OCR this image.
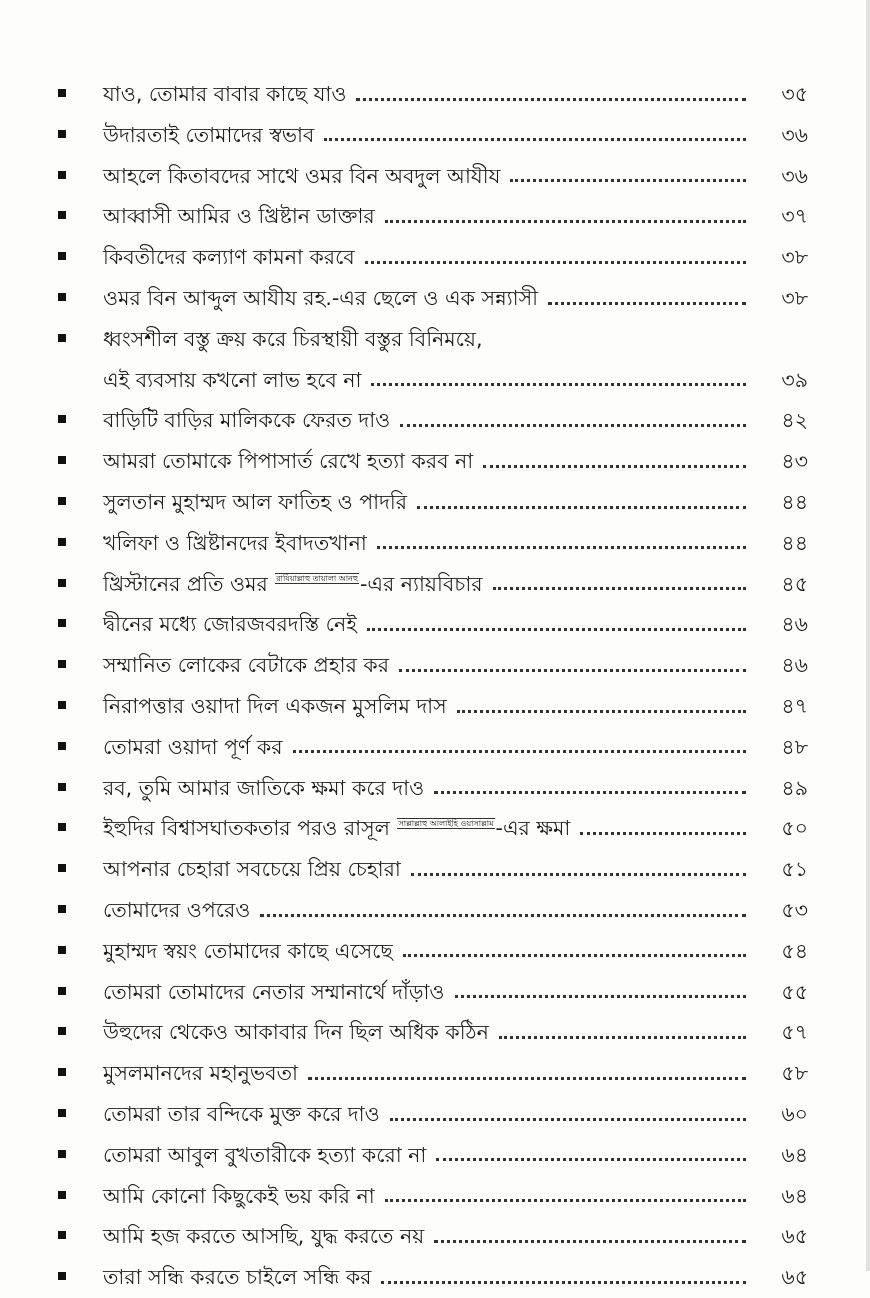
যাও, তোমার বাবার কাছে যাও	৩৫
উদারতাই তোমাদের স্বভাব	৩৬
আহলে কিতাবদের সাথে ওমর বিন অবদুল আযীয	৩৬
আব্বাসী আমির ও খ্রিষ্টান ডাক্তার	৩৭
কিবতীদের কল্যাণ কামনা করবে	৩৮
ওমর বিন আব্দুল আযীয রহ.-এর ছেলে ও এক সন্ন্যাসী	৩৮
ধ্বংসশীল বস্তু ক্রয় করে চিরস্থায়ী বস্তুর বিনিময়ে,
এই ব্যবসায় কখনো লাভ হবে না	৩৯
বাড়িটি বাড়ির মালিককে ফেরত দাও	৪২
আমরা তোমাকে পিপাসার্ত রেখে হত্যা করব না	৪৩
সুলতান মুহাম্মদ আল ফাতিহ ও পাদরি	৪৪
খলিফা ও খ্রিষ্টানদের ইবাদতখানা	৪৪
খ্রিস্টানের প্রতি ওমর রাযিয়াল্লাহু তায়ালা আনহু-এর ন্যায়বিচার	৪৫
দ্বীনের মধ্যে জোরজবরদস্তি নেই	৪৬
সম্মানিত লোকের বেটাকে প্রহার কর	৪৬
নিরাপত্তার ওয়াদা দিল একজন মুসলিম দাস	৪৭
তোমরা ওয়াদা পূর্ণ কর	৪৮
রব, তুমি আমার জাতিকে ক্ষমা করে দাও	৪৯
ইহুদির বিশ্বাসঘাতকতার পরও রাসূল সাল্লাল্লাহু আলাইহি ওয়াসাল্লাম-এর ক্ষমা	৫০
আপনার চেহারা সবচেয়ে প্রিয় চেহারা	৫১
তোমাদের ওপরেও	৫৩
মুহাম্মদ স্বয়ং তোমাদের কাছে এসেছে	৫৪
তোমরা তোমাদের নেতার সম্মানার্থে দাঁড়াও	৫৫
উহুদের থেকেও আকাবার দিন ছিল অধিক কঠিন	৫৭
মুসলমানদের মহানুভবতা	৫৮
তোমরা তার বন্দিকে মুক্ত করে দাও	৬০
তোমরা আবুল বুখতারীকে হত্যা করো না	৬৪
আমি কোনো কিছুকেই ভয় করি না	৬৪
আমি হজ করতে আসছি, যুদ্ধ করতে নয়	৬৫
তারা সন্ধি করতে চাইলে সন্ধি কর	৬৫
